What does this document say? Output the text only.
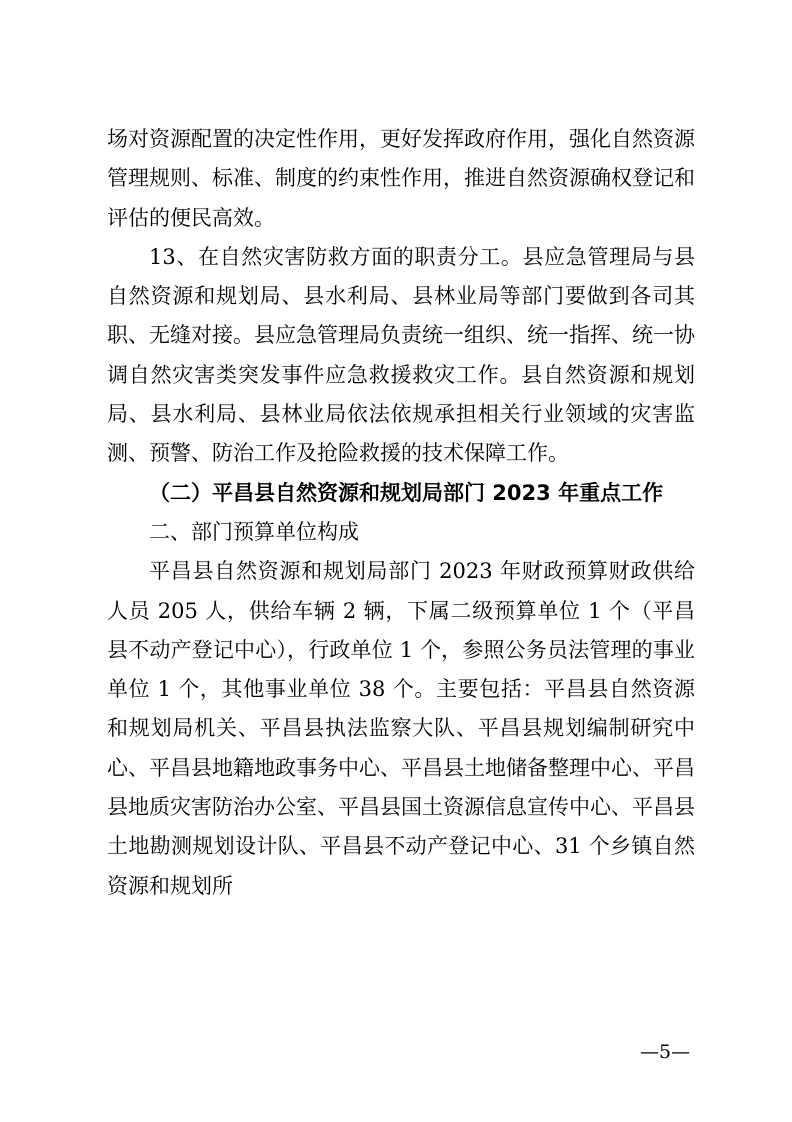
场对资源配置的决定性作用，更好发挥政府作用，强化自然资源管理规则、标准、制度的约束性作用，推进自然资源确权登记和评估的便民高效。

13、在自然灾害防救方面的职责分工。县应急管理局与县自然资源和规划局、县水利局、县林业局等部门要做到各司其职、无缝对接。县应急管理局负责统一组织、统一指挥、统一协调自然灾害类突发事件应急救援救灾工作。县自然资源和规划局、县水利局、县林业局依法依规承担相关行业领域的灾害监测、预警、防治工作及抢险救援的技术保障工作。

（二）平昌县自然资源和规划局部门 2023 年重点工作

二、部门预算单位构成

平昌县自然资源和规划局部门 2023 年财政预算财政供给人员 205 人，供给车辆 2 辆，下属二级预算单位 1 个（平昌县不动产登记中心），行政单位 1 个，参照公务员法管理的事业单位 1 个，其他事业单位 38 个。主要包括：平昌县自然资源和规划局机关、平昌县执法监察大队、平昌县规划编制研究中心、平昌县地籍地政事务中心、平昌县土地储备整理中心、平昌县地质灾害防治办公室、平昌县国土资源信息宣传中心、平昌县土地勘测规划设计队、平昌县不动产登记中心、31 个乡镇自然资源和规划所

—5—
